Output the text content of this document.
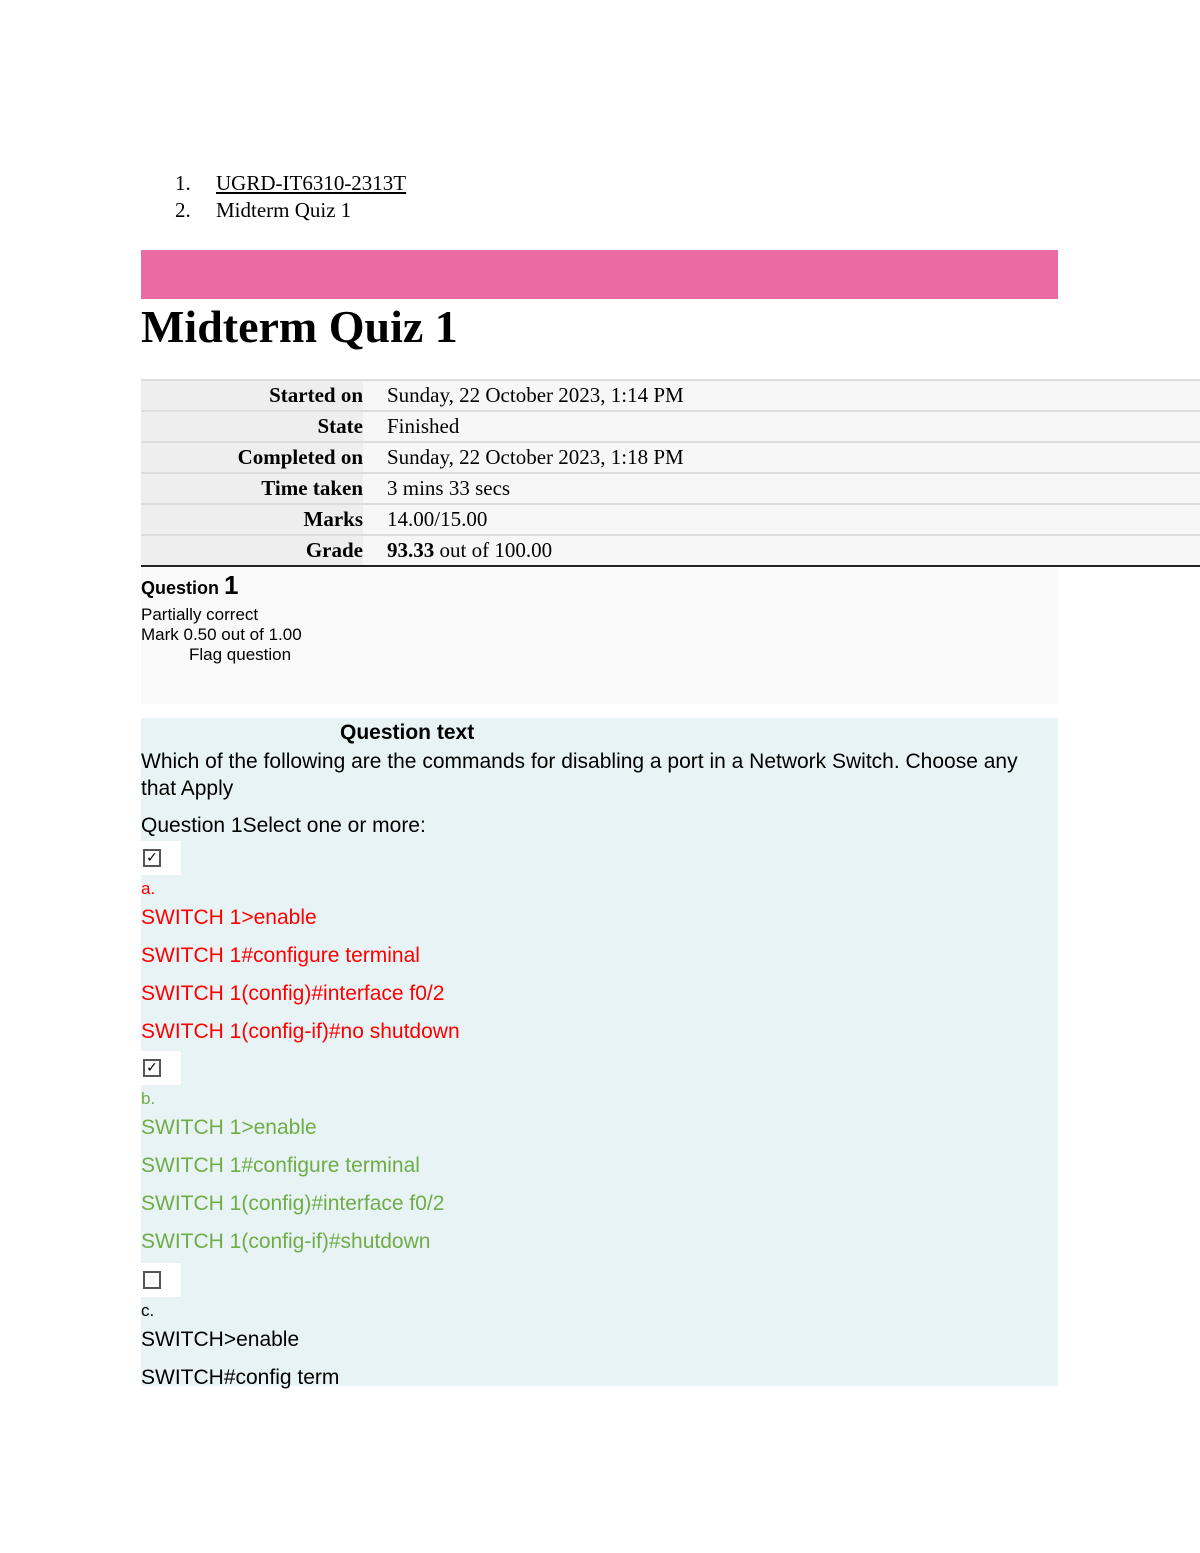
1. UGRD-IT6310-2313T
2. Midterm Quiz 1
Midterm Quiz 1
Started on	Sunday, 22 October 2023, 1:14 PM
State	Finished
Completed on	Sunday, 22 October 2023, 1:18 PM
Time taken	3 mins 33 secs
Marks	14.00/15.00
Grade	93.33 out of 100.00
Question 1
Partially correct
Mark 0.50 out of 1.00
Flag question
Question text
Which of the following are the commands for disabling a port in a Network Switch. Choose any that Apply
Question 1Select one or more:
✓
a.
SWITCH 1>enable
SWITCH 1#configure terminal
SWITCH 1(config)#interface f0/2
SWITCH 1(config-if)#no shutdown
✓
b.
SWITCH 1>enable
SWITCH 1#configure terminal
SWITCH 1(config)#interface f0/2
SWITCH 1(config-if)#shutdown
c.
SWITCH>enable
SWITCH#config term
